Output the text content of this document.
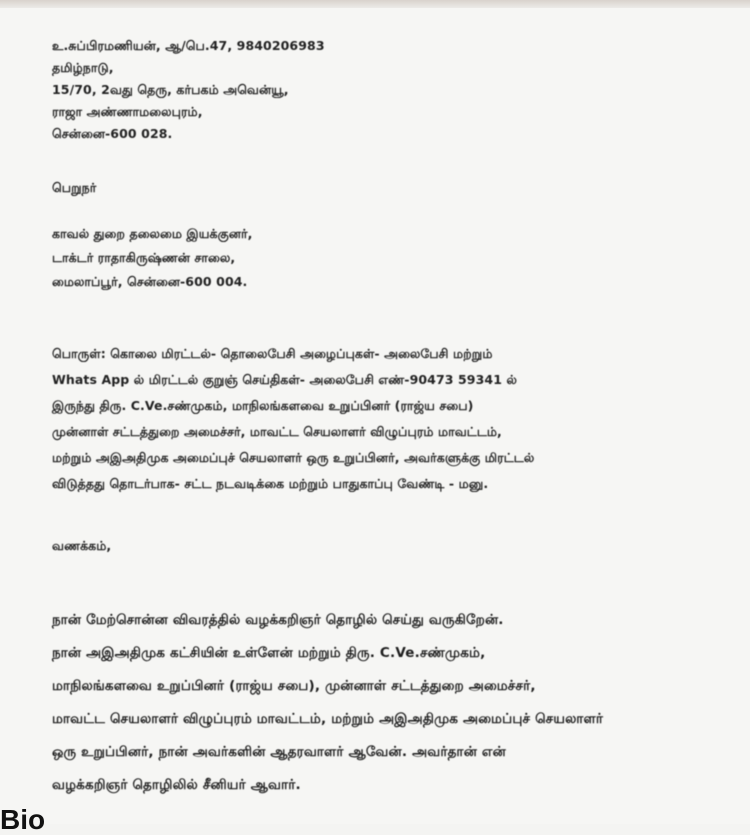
உ.சுப்பிரமணியன், ஆ/பெ.47, 9840206983
தமிழ்நாடு,
15/70, 2வது தெரு, கர்பகம் அவென்யூ,
ராஜா அண்ணாமலைபுரம்,
சென்னை-600 028.
பெறுநர்
காவல் துறை தலைமை இயக்குனர்,
டாக்டர் ராதாகிருஷ்ணன் சாலை,
மைலாப்பூர், சென்னை-600 004.
பொருள்: கொலை மிரட்டல்- தொலைபேசி அழைப்புகள்- அலைபேசி மற்றும்
Whats App ல் மிரட்டல் குறுஞ் செய்திகள்- அலைபேசி எண்-90473 59341 ல்
இருந்து திரு. C.Ve.சண்முகம், மாநிலங்களவை உறுப்பினர் (ராஜ்ய சபை)
முன்னாள் சட்டத்துறை அமைச்சர், மாவட்ட செயலாளர் விழுப்புரம் மாவட்டம்,
மற்றும் அஇஅதிமுக அமைப்புச் செயலாளர் ஒரு உறுப்பினர், அவர்களுக்கு மிரட்டல்
விடுத்தது தொடர்பாக- சட்ட நடவடிக்கை மற்றும் பாதுகாப்பு வேண்டி - மனு.
வணக்கம்,
நான் மேற்சொன்ன விவரத்தில் வழக்கறிஞர் தொழில் செய்து வருகிறேன்.
நான் அஇஅதிமுக கட்சியின் உள்ளேன் மற்றும் திரு. C.Ve.சண்முகம்,
மாநிலங்களவை உறுப்பினர் (ராஜ்ய சபை), முன்னாள் சட்டத்துறை அமைச்சர்,
மாவட்ட செயலாளர் விழுப்புரம் மாவட்டம், மற்றும் அஇஅதிமுக அமைப்புச் செயலாளர்
ஒரு உறுப்பினர், நான் அவர்களின் ஆதரவாளர் ஆவேன். அவர்தான் என்
வழக்கறிஞர் தொழிலில் சீனியர் ஆவார்.
Bio
